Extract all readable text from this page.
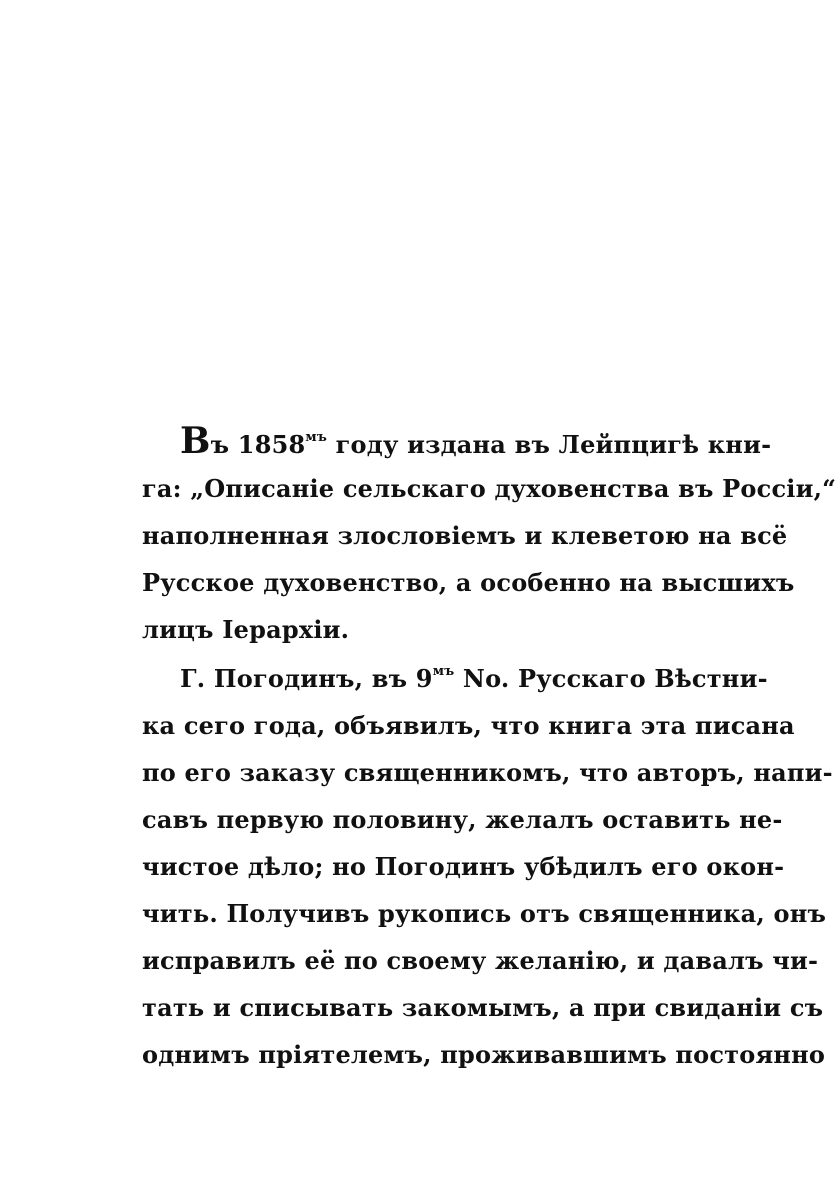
Въ $1858^{мъ}$ году издана въ Лейпцигѣ кни-
га: „Описаніе сельскаго духовенства въ Россіи,“
наполненная злословіемъ и клеветою на всё
Русское духовенство, а особенно на высшихъ
лицъ Іерархіи.
Г. Погодинъ, въ $9^{мъ}$ No. Русскаго Вѣстни-
ка сего года, объявилъ, что книга эта писана
по его заказу священникомъ, что авторъ, напи-
савъ первую половину, желалъ оставить не-
чистое дѣло; но Погодинъ убѣдилъ его окон-
чить. Получивъ рукопись отъ священника, онъ
исправилъ её по своему желанію, и давалъ чи-
тать и списывать закомымъ, а при свиданіи съ
однимъ пріятелемъ, проживавшимъ постоянно
